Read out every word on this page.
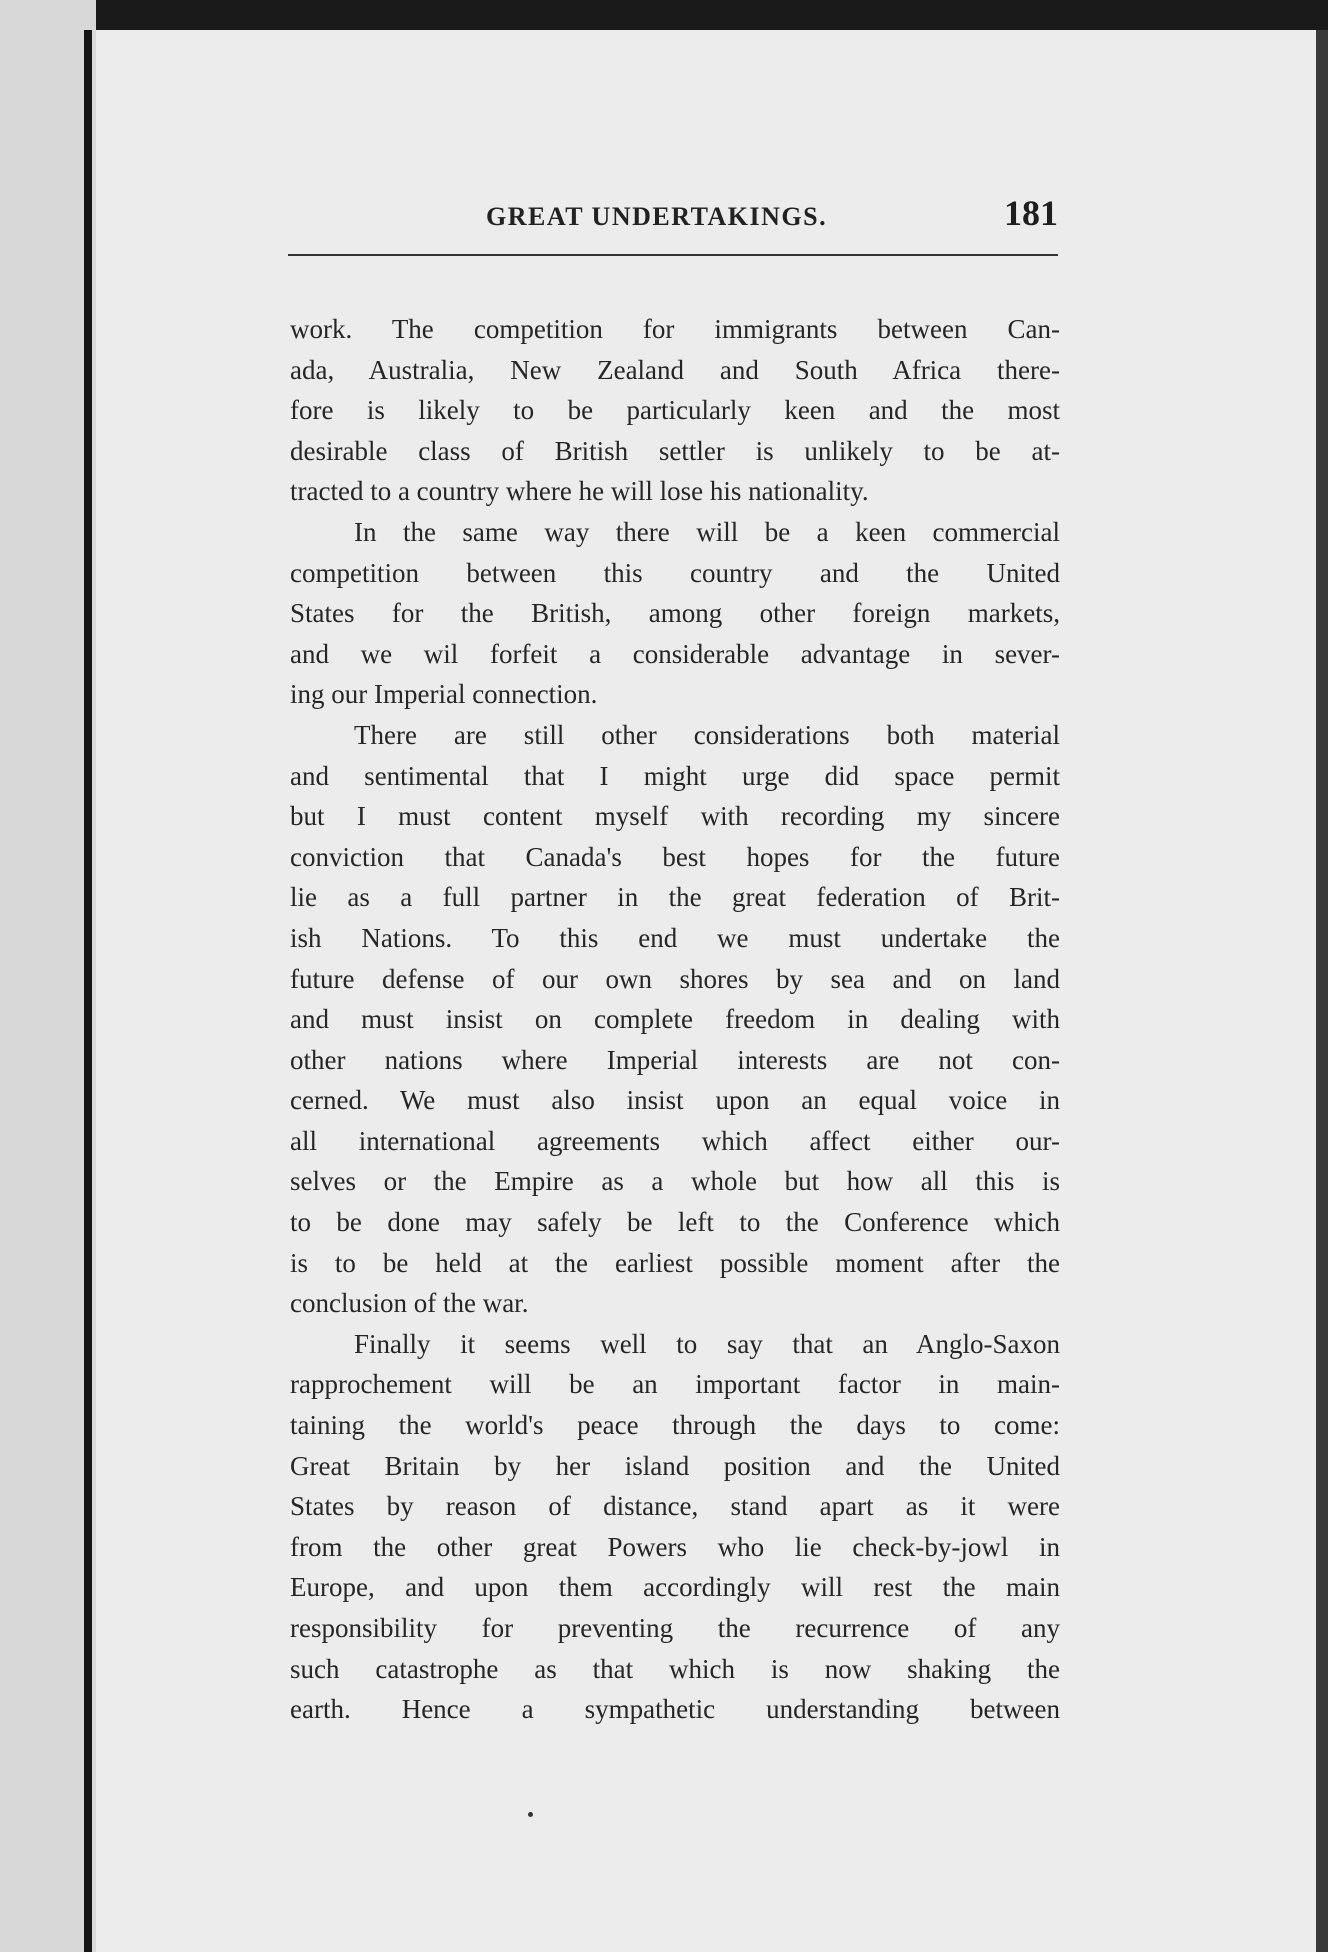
GREAT UNDERTAKINGS.	181

work. The competition for immigrants between Can-

ada, Australia, New Zealand and South Africa there-

fore is likely to be particularly keen and the most

desirable class of British settler is unlikely to be at-

tracted to a country where he will lose his nationality.

In the same way there will be a keen commercial

competition between this country and the United

States for the British, among other foreign markets,

and we wil forfeit a considerable advantage in sever-

ing our Imperial connection.

There are still other considerations both material

and sentimental that I might urge did space permit

but I must content myself with recording my sincere

conviction that Canada's best hopes for the future

lie as a full partner in the great federation of Brit-

ish Nations. To this end we must undertake the

future defense of our own shores by sea and on land

and must insist on complete freedom in dealing with

other nations where Imperial interests are not con-

cerned. We must also insist upon an equal voice in

all international agreements which affect either our-

selves or the Empire as a whole but how all this is

to be done may safely be left to the Conference which

is to be held at the earliest possible moment after the

conclusion of the war.

Finally it seems well to say that an Anglo-Saxon

rapprochement will be an important factor in main-

taining the world's peace through the days to come:

Great Britain by her island position and the United

States by reason of distance, stand apart as it were

from the other great Powers who lie check-by-jowl in

Europe, and upon them accordingly will rest the main

responsibility for preventing the recurrence of any

such catastrophe as that which is now shaking the

earth. Hence a sympathetic understanding between
